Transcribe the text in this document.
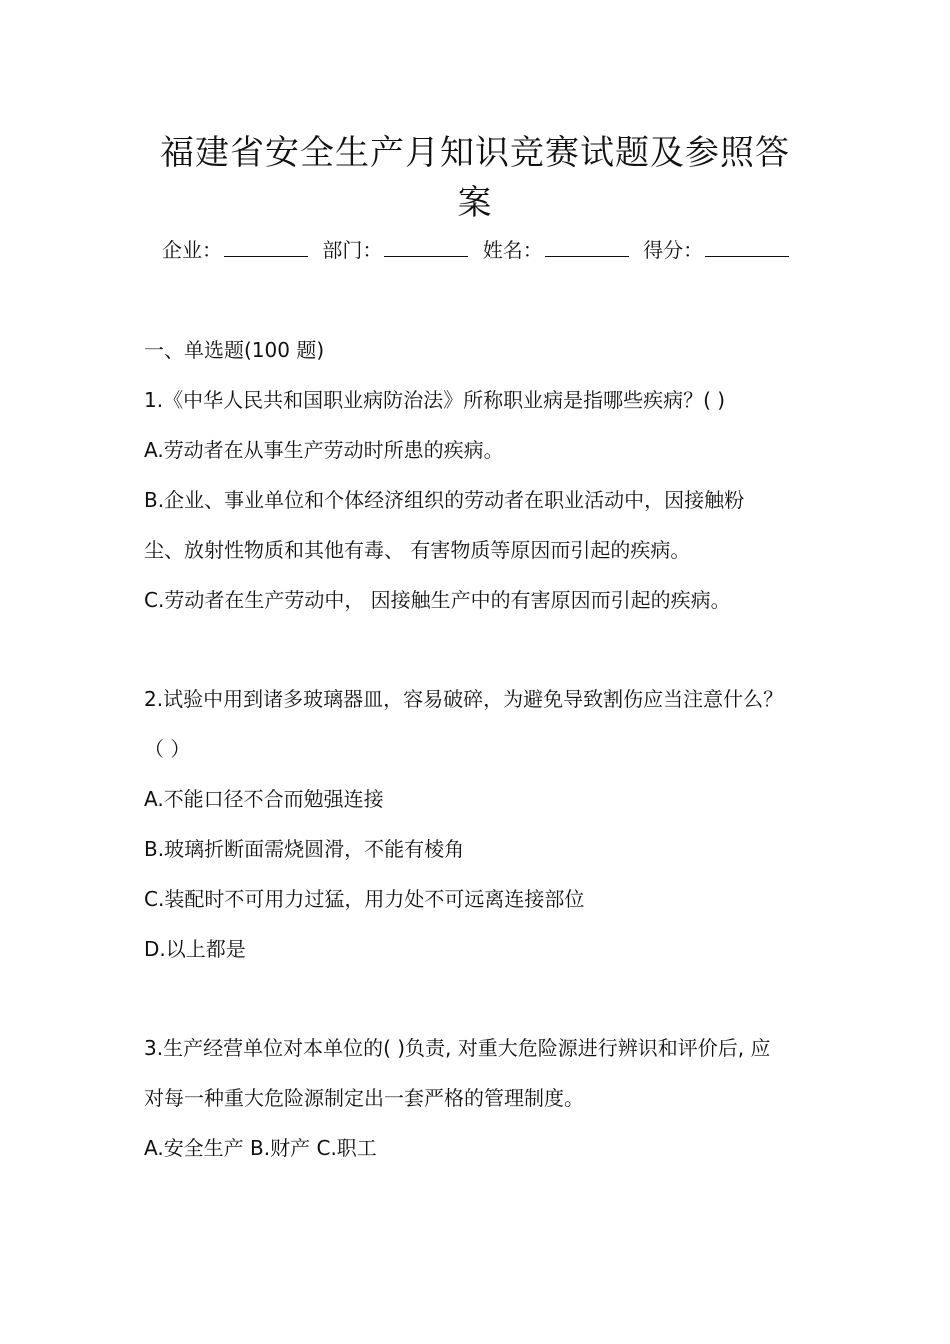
福建省安全生产月知识竞赛试题及参照答
案
企业：	部门：	姓名：	得分：
一、单选题(100 题)
1.《中华人民共和国职业病防治法》所称职业病是指哪些疾病？( )
A.劳动者在从事生产劳动时所患的疾病。
B.企业、事业单位和个体经济组织的劳动者在职业活动中，因接触粉
尘、放射性物质和其他有毒、 有害物质等原因而引起的疾病。
C.劳动者在生产劳动中， 因接触生产中的有害原因而引起的疾病。
2.试验中用到诸多玻璃器皿，容易破碎，为避免导致割伤应当注意什么？
（ ）
A.不能口径不合而勉强连接
B.玻璃折断面需烧圆滑，不能有棱角
C.装配时不可用力过猛，用力处不可远离连接部位
D.以上都是
3.生产经营单位对本单位的( )负责, 对重大危险源进行辨识和评价后, 应
对每一种重大危险源制定出一套严格的管理制度。
A.安全生产 B.财产 C.职工
